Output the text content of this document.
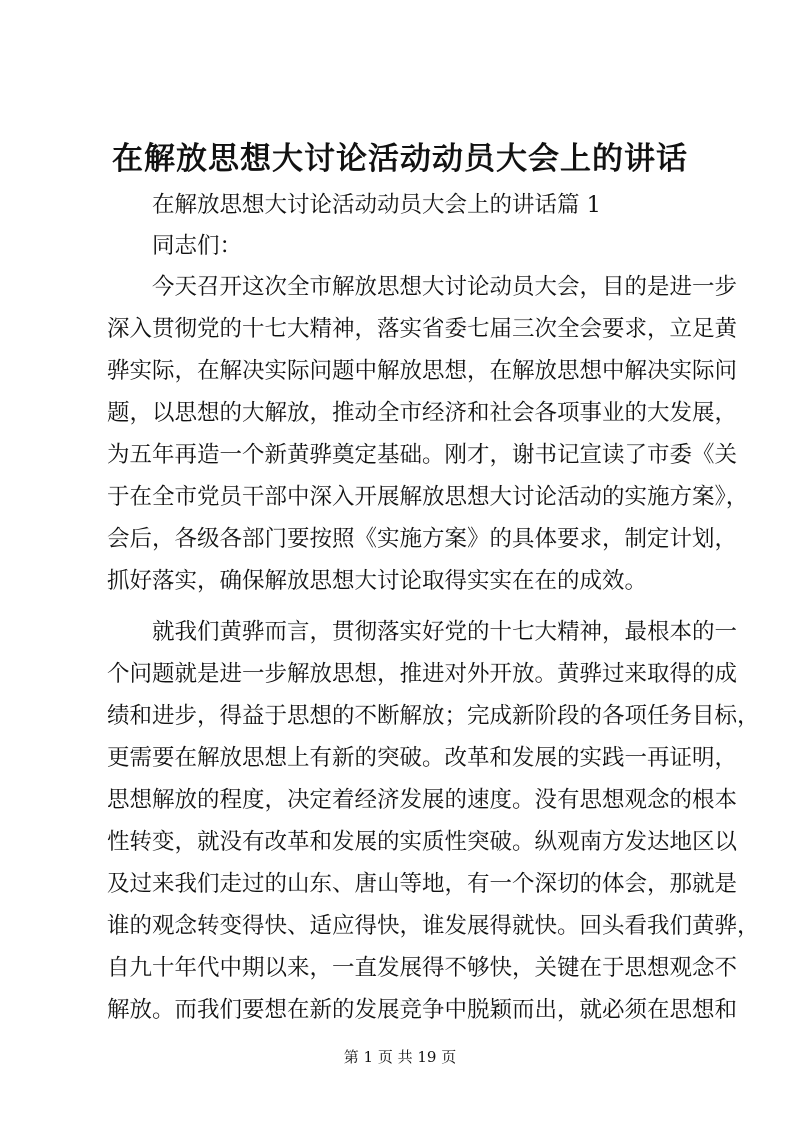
在解放思想大讨论活动动员大会上的讲话
在解放思想大讨论活动动员大会上的讲话篇 1
同志们：
今天召开这次全市解放思想大讨论动员大会，目的是进一步
深入贯彻党的十七大精神，落实省委七届三次全会要求，立足黄
骅实际，在解决实际问题中解放思想，在解放思想中解决实际问
题，以思想的大解放，推动全市经济和社会各项事业的大发展，
为五年再造一个新黄骅奠定基础。刚才，谢书记宣读了市委《关
于在全市党员干部中深入开展解放思想大讨论活动的实施方案》，
会后，各级各部门要按照《实施方案》的具体要求，制定计划，
抓好落实，确保解放思想大讨论取得实实在在的成效。
就我们黄骅而言，贯彻落实好党的十七大精神，最根本的一
个问题就是进一步解放思想，推进对外开放。黄骅过来取得的成
绩和进步，得益于思想的不断解放；完成新阶段的各项任务目标，
更需要在解放思想上有新的突破。改革和发展的实践一再证明，
思想解放的程度，决定着经济发展的速度。没有思想观念的根本
性转变，就没有改革和发展的实质性突破。纵观南方发达地区以
及过来我们走过的山东、唐山等地，有一个深切的体会，那就是
谁的观念转变得快、适应得快，谁发展得就快。回头看我们黄骅，
自九十年代中期以来，一直发展得不够快，关键在于思想观念不
解放。而我们要想在新的发展竞争中脱颖而出，就必须在思想和
第 1 页 共 19 页
